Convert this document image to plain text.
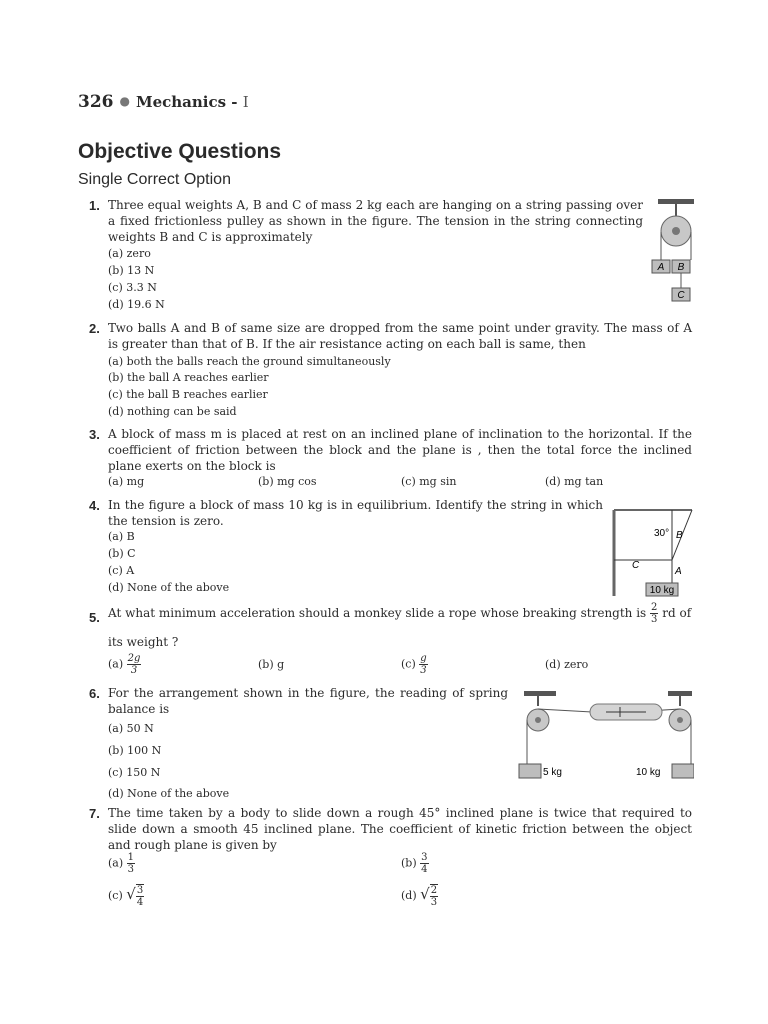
326 ● Mechanics - I
Objective Questions
Single Correct Option
1. Three equal weights A, B and C of mass 2 kg each are hanging on a string passing over a fixed frictionless pulley as shown in the figure. The tension in the string connecting weights B and C is approximately
(a) zero
(b) 13 N
(c) 3.3 N
(d) 19.6 N
A B
C
2. Two balls A and B of same size are dropped from the same point under gravity. The mass of A is greater than that of B. If the air resistance acting on each ball is same, then
(a) both the balls reach the ground simultaneously
(b) the ball A reaches earlier
(c) the ball B reaches earlier
(d) nothing can be said
3. A block of mass m is placed at rest on an inclined plane of inclination to the horizontal. If the coefficient of friction between the block and the plane is , then the total force the inclined plane exerts on the block is
(a) mg	(b) mg cos	(c) mg sin	(d) mg tan
4. In the figure a block of mass 10 kg is in equilibrium. Identify the string in which the tension is zero.
(a) B
(b) C
(c) A
(d) None of the above
30° B
C
A
10 kg
5. At what minimum acceleration should a monkey slide a rope whose breaking strength is $\frac{2}{3}$ rd of
its weight ?
$(a) \frac{2g}{3}$	(b) g	$(c) \frac{g}{3}$	(d) zero
6. For the arrangement shown in the figure, the reading of spring balance is
(a) 50 N
(b) 100 N
(c) 150 N
(d) None of the above
5 kg	10 kg
7. The time taken by a body to slide down a rough 45° inclined plane is twice that required to slide down a smooth 45 inclined plane. The coefficient of kinetic friction between the object and rough plane is given by
$(a) \frac{1}{3}$	$(b) \frac{3}{4}$
(c) √ $\frac{3}{4}$	(d) √ $\frac{2}{3}$
